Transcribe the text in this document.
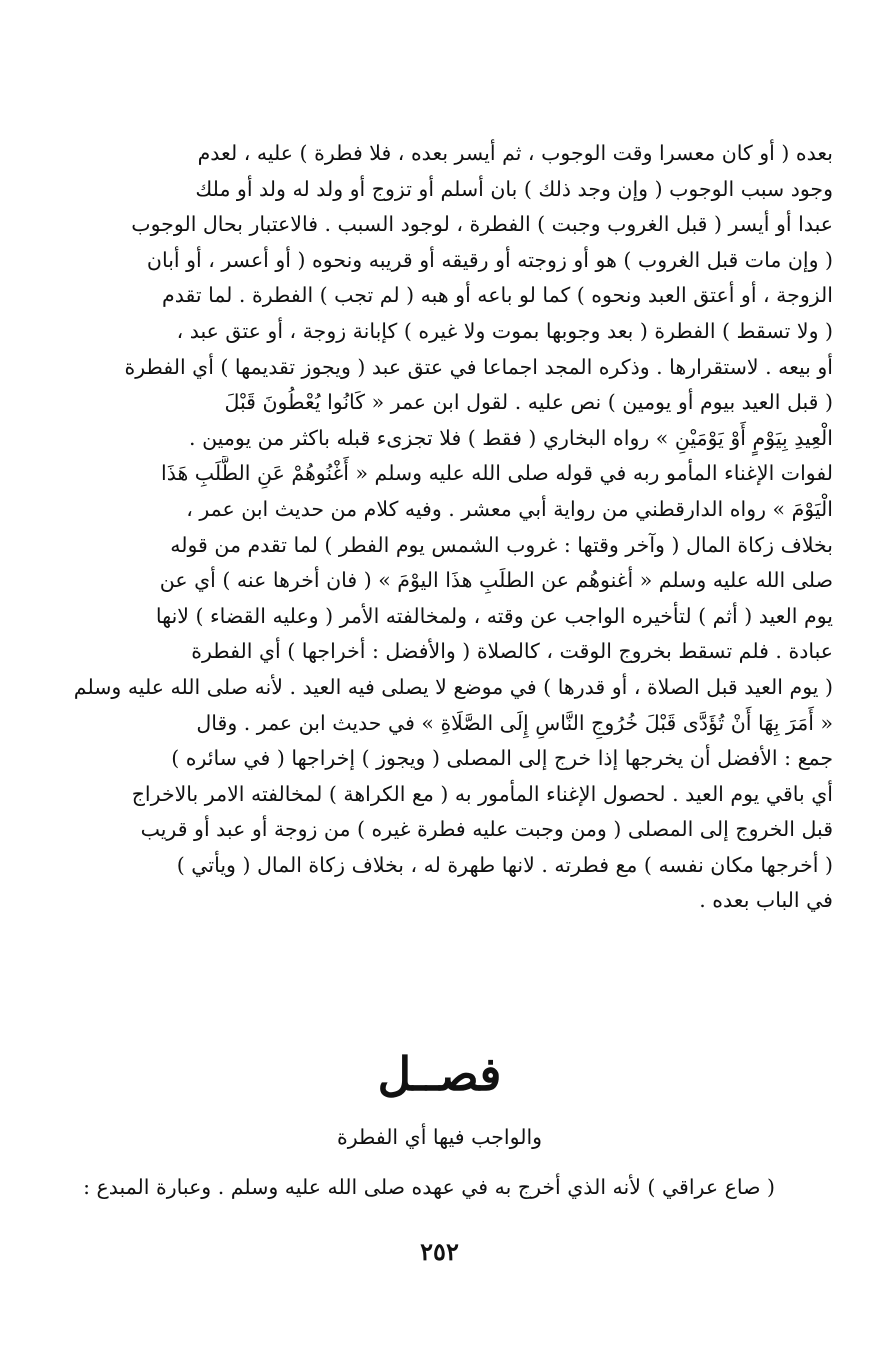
بعده ( أو كان معسرا وقت الوجوب ، ثم أيسر بعده ، فلا فطرة ) عليه ، لعدم
وجود سبب الوجوب ( وإن وجد ذلك ) بان أسلم أو تزوج أو ولد له ولد أو ملك
عبدا أو أيسر ( قبل الغروب وجبت ) الفطرة ، لوجود السبب . فالاعتبار بحال الوجوب
( وإن مات قبل الغروب ) هو أو زوجته أو رقيقه أو قريبه ونحوه ( أو أعسر ، أو أبان
الزوجة ، أو أعتق العبد ونحوه ) كما لو باعه أو هبه ( لم تجب ) الفطرة . لما تقدم
( ولا تسقط ) الفطرة ( بعد وجوبها بموت ولا غيره ) كإبانة زوجة ، أو عتق عبد ،
أو بيعه . لاستقرارها . وذكره المجد اجماعا في عتق عبد ( ويجوز تقديمها ) أي الفطرة
( قبل العيد بيوم أو يومين ) نص عليه . لقول ابن عمر « كَانُوا يُعْطُونَ قَبْلَ
الْعِيدِ بِيَوْمٍ أَوْ يَوْمَيْنِ » رواه البخاري ( فقط ) فلا تجزىء قبله باكثر من يومين .
لفوات الإغناء المأمو ربه في قوله صلى الله عليه وسلم « أَغْنُوهُمْ عَنِ الطَّلَبِ هَذَا
الْيَوْمَ » رواه الدارقطني من رواية أبي معشر . وفيه كلام من حديث ابن عمر ،
بخلاف زكاة المال ( وآخر وقتها : غروب الشمس يوم الفطر ) لما تقدم من قوله
صلى الله عليه وسلم « أغنوهُم عن الطلَبِ هذَا اليوْمَ » ( فان أخرها عنه ) أي عن
يوم العيد ( أثم ) لتأخيره الواجب عن وقته ، ولمخالفته الأمر ( وعليه القضاء ) لانها
عبادة . فلم تسقط بخروج الوقت ، كالصلاة ( والأفضل : أخراجها ) أي الفطرة
( يوم العيد قبل الصلاة ، أو قدرها ) في موضع لا يصلى فيه العيد . لأنه صلى الله عليه وسلم
« أَمَرَ بِهَا أَنْ تُؤَدَّى قَبْلَ خُرُوجِ النَّاسِ إِلَى الصَّلَاةِ » في حديث ابن عمر . وقال
جمع : الأفضل أن يخرجها إذا خرج إلى المصلى ( ويجوز ) إخراجها ( في سائره )
أي باقي يوم العيد . لحصول الإغناء المأمور به ( مع الكراهة ) لمخالفته الامر بالاخراج
قبل الخروج إلى المصلى ( ومن وجبت عليه فطرة غيره ) من زوجة أو عبد أو قريب
( أخرجها مكان نفسه ) مع فطرته . لانها طهرة له ، بخلاف زكاة المال ( ويأتي )
في الباب بعده .
فصــل
والواجب فيها أي الفطرة
( صاع عراقي ) لأنه الذي أخرج به في عهده صلى الله عليه وسلم . وعبارة المبدع :
٢٥٢
